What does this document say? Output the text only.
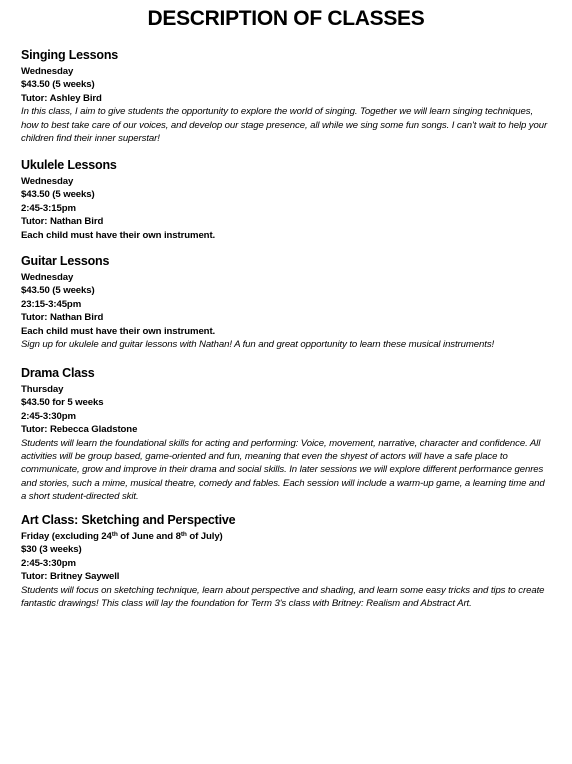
DESCRIPTION OF CLASSES
Singing Lessons

Wednesday

$43.50 (5 weeks)

Tutor: Ashley Bird

In this class, I aim to give students the opportunity to explore the world of singing. Together we will learn singing techniques, how to best take care of our voices, and develop our stage presence, all while we sing some fun songs. I can't wait to help your children find their inner superstar!

Ukulele Lessons

Wednesday

$43.50 (5 weeks)

2:45-3:15pm

Tutor: Nathan Bird

Each child must have their own instrument.

Guitar Lessons

Wednesday

$43.50 (5 weeks)

23:15-3:45pm

Tutor: Nathan Bird

Each child must have their own instrument.

Sign up for ukulele and guitar lessons with Nathan! A fun and great opportunity to learn these musical instruments!

Drama Class

Thursday

$43.50 for 5 weeks

2:45-3:30pm

Tutor: Rebecca Gladstone

Students will learn the foundational skills for acting and performing: Voice, movement, narrative, character and confidence. All activities will be group based, game-oriented and fun, meaning that even the shyest of actors will have a safe place to communicate, grow and improve in their drama and social skills. In later sessions we will explore different performance genres and stories, such a mime, musical theatre, comedy and fables. Each session will include a warm-up game, a learning time and a short student-directed skit.

Art Class: Sketching and Perspective

Friday (excluding 24th of June and 8th of July)

$30 (3 weeks)

2:45-3:30pm

Tutor: Britney Saywell

Students will focus on sketching technique, learn about perspective and shading, and learn some easy tricks and tips to create fantastic drawings! This class will lay the foundation for Term 3's class with Britney: Realism and Abstract Art.
